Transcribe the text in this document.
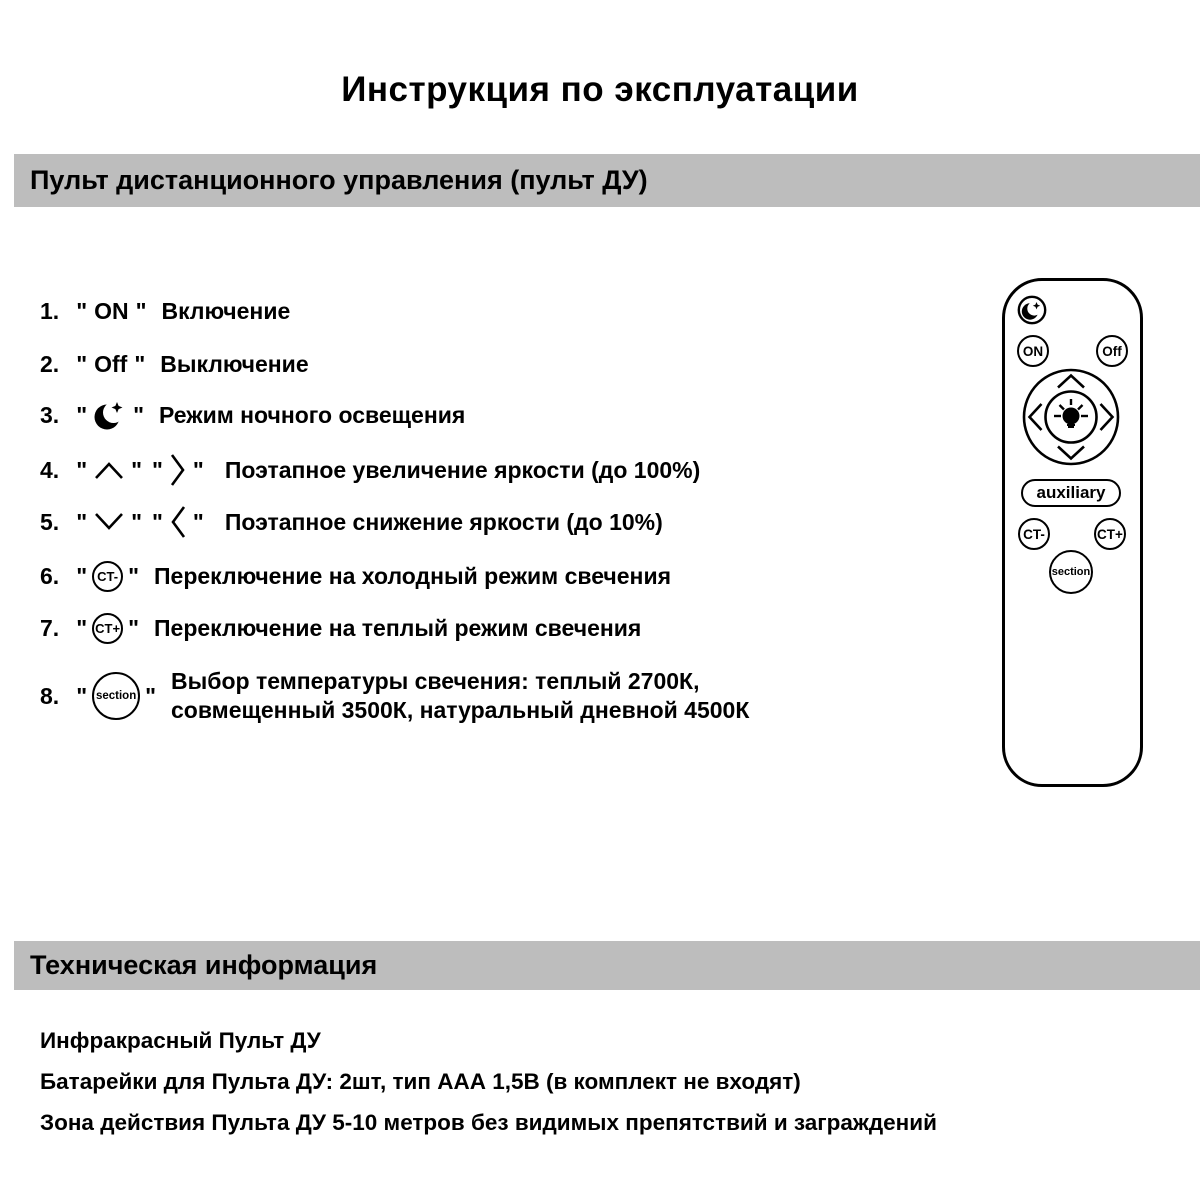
Инструкция по эксплуатации
Пульт дистанционного управления (пульт ДУ)
1. " ON " Включение
2. " Off " Выключение
3. " " Режим ночного освещения
4. " " " " Поэтапное увеличение яркости (до 100%)
5. " " " " Поэтапное снижение яркости (до 10%)
6. " CT- " Переключение на холодный режим свечения
7. " CT+ " Переключение на теплый режим свечения
8. " section "
Выбор температуры свечения: теплый 2700К,
совмещенный 3500К, натуральный дневной 4500К
ON	Off
auxiliary
CT-	CT+
section
Техническая информация
Инфракрасный Пульт ДУ
Батарейки для Пульта ДУ: 2шт, тип ААА 1,5В (в комплект не входят)
Зона действия Пульта ДУ 5-10 метров без видимых препятствий и заграждений
